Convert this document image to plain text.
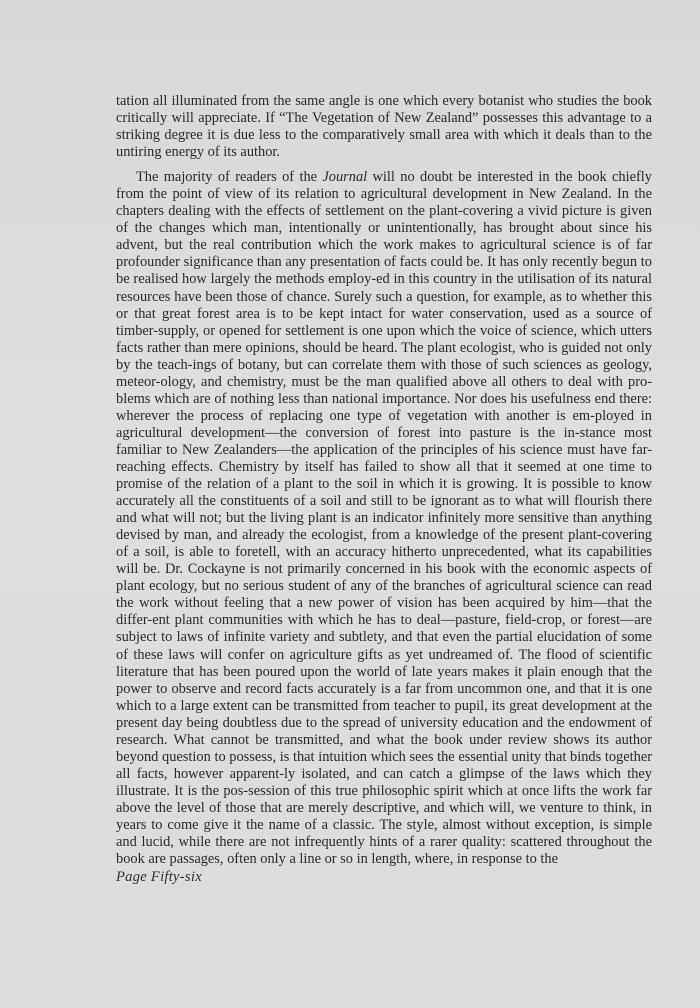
tation all illuminated from the same angle is one which every botanist who studies the book critically will appreciate. If “The Vegetation of New Zealand” possesses this advantage to a striking degree it is due less to the comparatively small area with which it deals than to the untiring energy of its author.

The majority of readers of the Journal will no doubt be interested in the book chiefly from the point of view of its relation to agricultural development in New Zealand. In the chapters dealing with the effects of settlement on the plant-covering a vivid picture is given of the changes which man, intentionally or unintentionally, has brought about since his advent, but the real contribution which the work makes to agricultural science is of far profounder significance than any presentation of facts could be. It has only recently begun to be realised how largely the methods employ-ed in this country in the utilisation of its natural resources have been those of chance. Surely such a question, for example, as to whether this or that great forest area is to be kept intact for water conservation, used as a source of timber-supply, or opened for settlement is one upon which the voice of science, which utters facts rather than mere opinions, should be heard. The plant ecologist, who is guided not only by the teach-ings of botany, but can correlate them with those of such sciences as geology, meteor-ology, and chemistry, must be the man qualified above all others to deal with pro-blems which are of nothing less than national importance. Nor does his usefulness end there: wherever the process of replacing one type of vegetation with another is em-ployed in agricultural development—the conversion of forest into pasture is the in-stance most familiar to New Zealanders—the application of the principles of his science must have far-reaching effects. Chemistry by itself has failed to show all that it seemed at one time to promise of the relation of a plant to the soil in which it is growing. It is possible to know accurately all the constituents of a soil and still to be ignorant as to what will flourish there and what will not; but the living plant is an indicator infinitely more sensitive than anything devised by man, and already the ecologist, from a knowledge of the present plant-covering of a soil, is able to foretell, with an accuracy hitherto unprecedented, what its capabilities will be. Dr. Cockayne is not primarily concerned in his book with the economic aspects of plant ecology, but no serious student of any of the branches of agricultural science can read the work without feeling that a new power of vision has been acquired by him—that the differ-ent plant communities with which he has to deal—pasture, field-crop, or forest—are subject to laws of infinite variety and subtlety, and that even the partial elucidation of some of these laws will confer on agriculture gifts as yet undreamed of. The flood of scientific literature that has been poured upon the world of late years makes it plain enough that the power to observe and record facts accurately is a far from uncommon one, and that it is one which to a large extent can be transmitted from teacher to pupil, its great development at the present day being doubtless due to the spread of university education and the endowment of research. What cannot be transmitted, and what the book under review shows its author beyond question to possess, is that intuition which sees the essential unity that binds together all facts, however apparent-ly isolated, and can catch a glimpse of the laws which they illustrate. It is the pos-session of this true philosophic spirit which at once lifts the work far above the level of those that are merely descriptive, and which will, we venture to think, in years to come give it the name of a classic. The style, almost without exception, is simple and lucid, while there are not infrequently hints of a rarer quality: scattered throughout the book are passages, often only a line or so in length, where, in response to the

Page Fifty-six
